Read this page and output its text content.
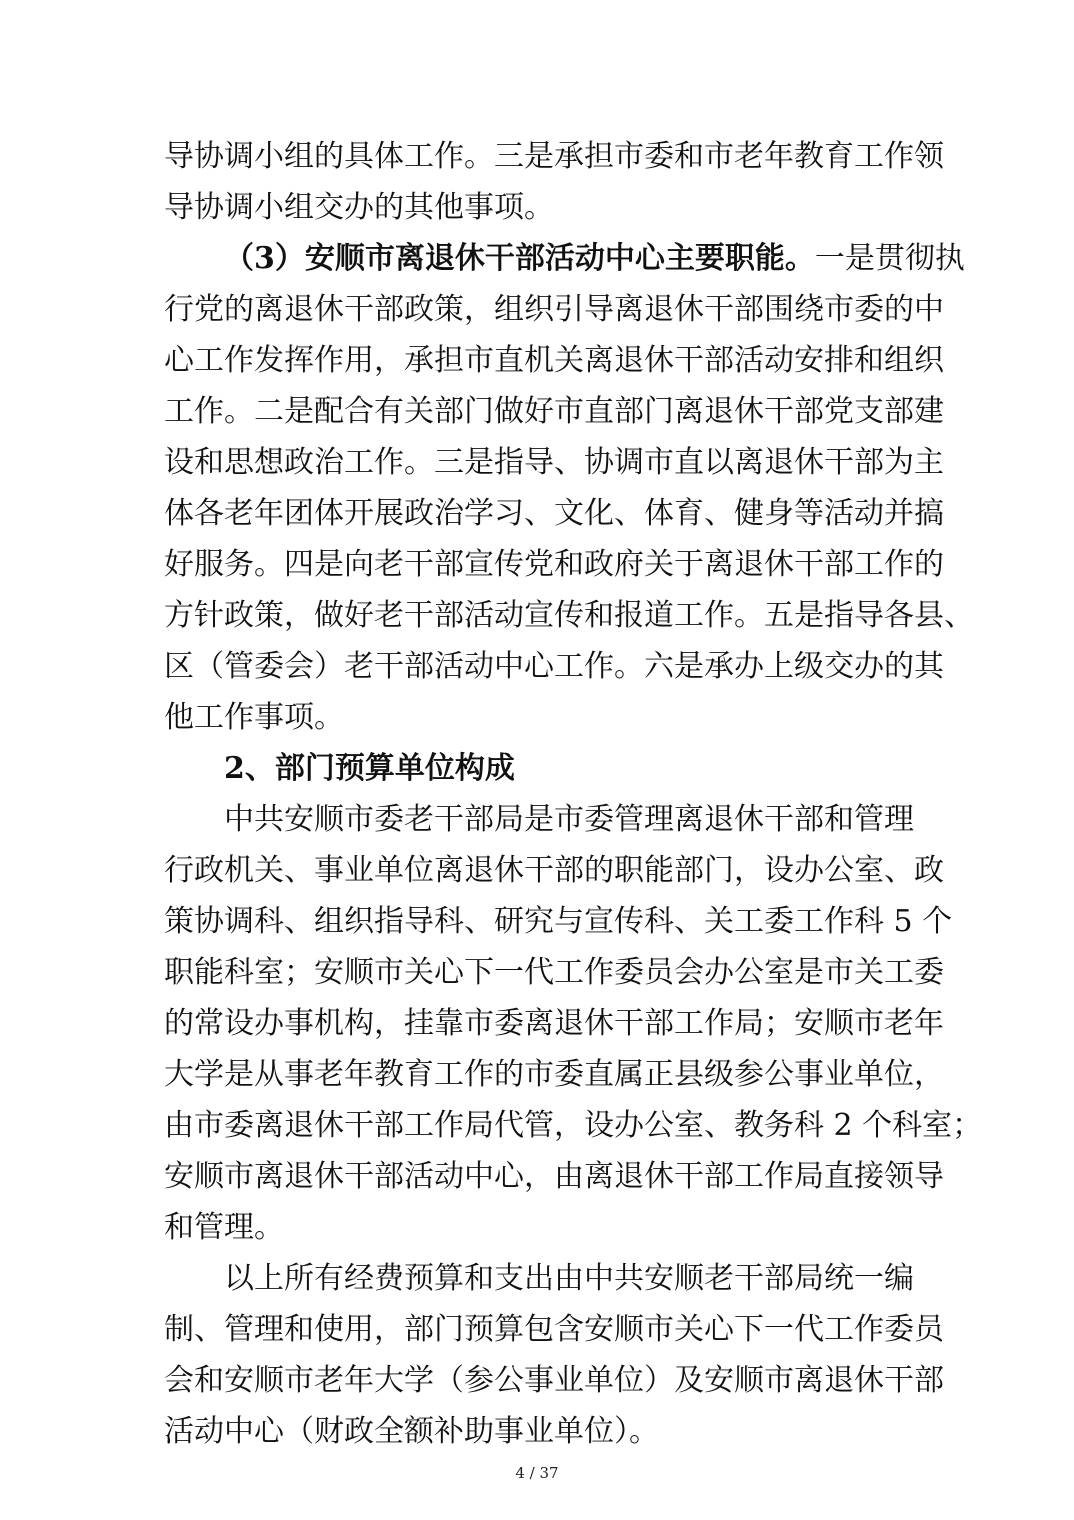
导协调小组的具体工作。三是承担市委和市老年教育工作领
导协调小组交办的其他事项。
（3）安顺市离退休干部活动中心主要职能。一是贯彻执
行党的离退休干部政策，组织引导离退休干部围绕市委的中
心工作发挥作用，承担市直机关离退休干部活动安排和组织
工作。二是配合有关部门做好市直部门离退休干部党支部建
设和思想政治工作。三是指导、协调市直以离退休干部为主
体各老年团体开展政治学习、文化、体育、健身等活动并搞
好服务。四是向老干部宣传党和政府关于离退休干部工作的
方针政策，做好老干部活动宣传和报道工作。五是指导各县、
区（管委会）老干部活动中心工作。六是承办上级交办的其
他工作事项。
2、部门预算单位构成
中共安顺市委老干部局是市委管理离退休干部和管理
行政机关、事业单位离退休干部的职能部门，设办公室、政
策协调科、组织指导科、研究与宣传科、关工委工作科 5 个
职能科室；安顺市关心下一代工作委员会办公室是市关工委
的常设办事机构，挂靠市委离退休干部工作局；安顺市老年
大学是从事老年教育工作的市委直属正县级参公事业单位，
由市委离退休干部工作局代管，设办公室、教务科 2 个科室；
安顺市离退休干部活动中心，由离退休干部工作局直接领导
和管理。
以上所有经费预算和支出由中共安顺老干部局统一编
制、管理和使用，部门预算包含安顺市关心下一代工作委员
会和安顺市老年大学（参公事业单位）及安顺市离退休干部
活动中心（财政全额补助事业单位）。
4 / 37
